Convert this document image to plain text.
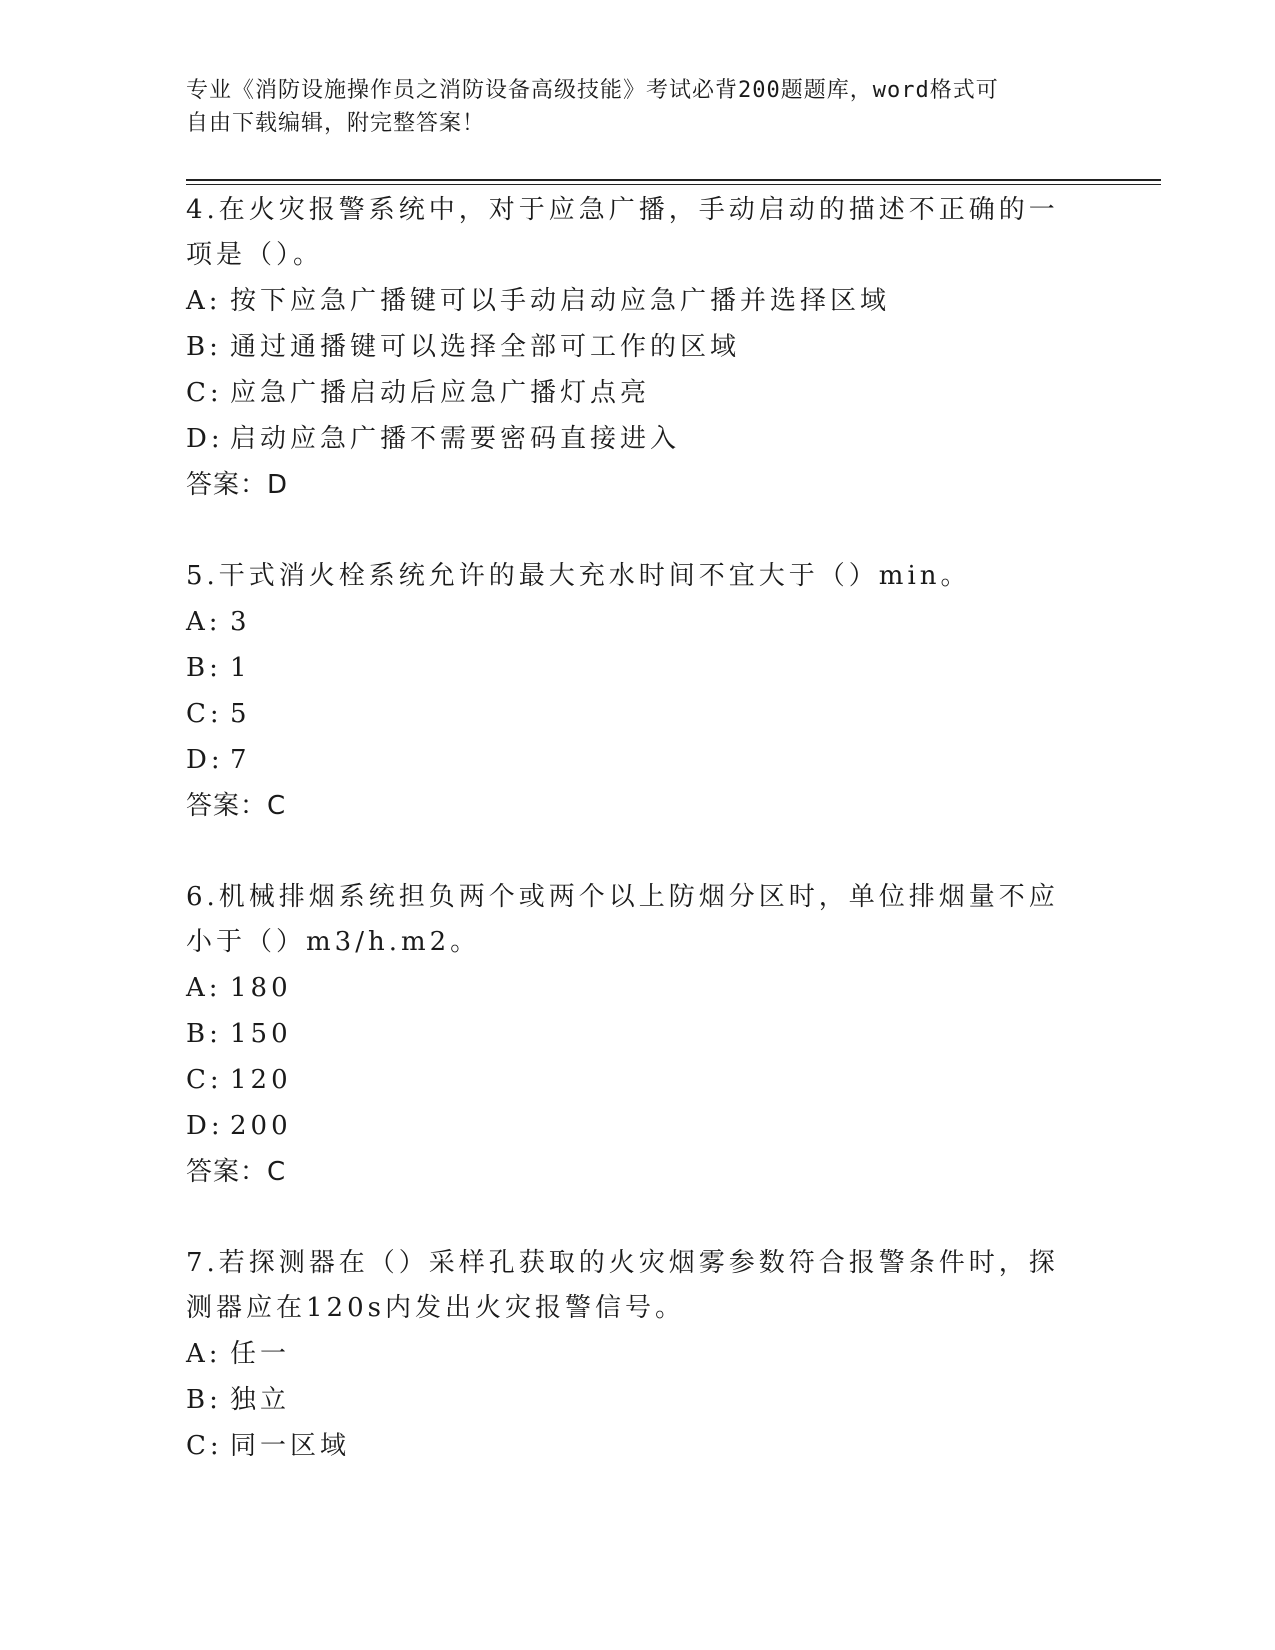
专业《消防设施操作员之消防设备高级技能》考试必背200题题库，word格式可
自由下载编辑，附完整答案！

4.在火灾报警系统中，对于应急广播，手动启动的描述不正确的一项是（）。

A: 按下应急广播键可以手动启动应急广播并选择区域
B: 通过通播键可以选择全部可工作的区域
C: 应急广播启动后应急广播灯点亮
D: 启动应急广播不需要密码直接进入
答案：D

5.干式消火栓系统允许的最大充水时间不宜大于（）min。

A: 3
B: 1
C: 5
D: 7
答案：C

6.机械排烟系统担负两个或两个以上防烟分区时，单位排烟量不应小于（）m3/h.m2。

A: 180
B: 150
C: 120
D: 200
答案：C

7.若探测器在（）采样孔获取的火灾烟雾参数符合报警条件时，探测器应在120s内发出火灾报警信号。

A: 任一
B: 独立
C: 同一区域
